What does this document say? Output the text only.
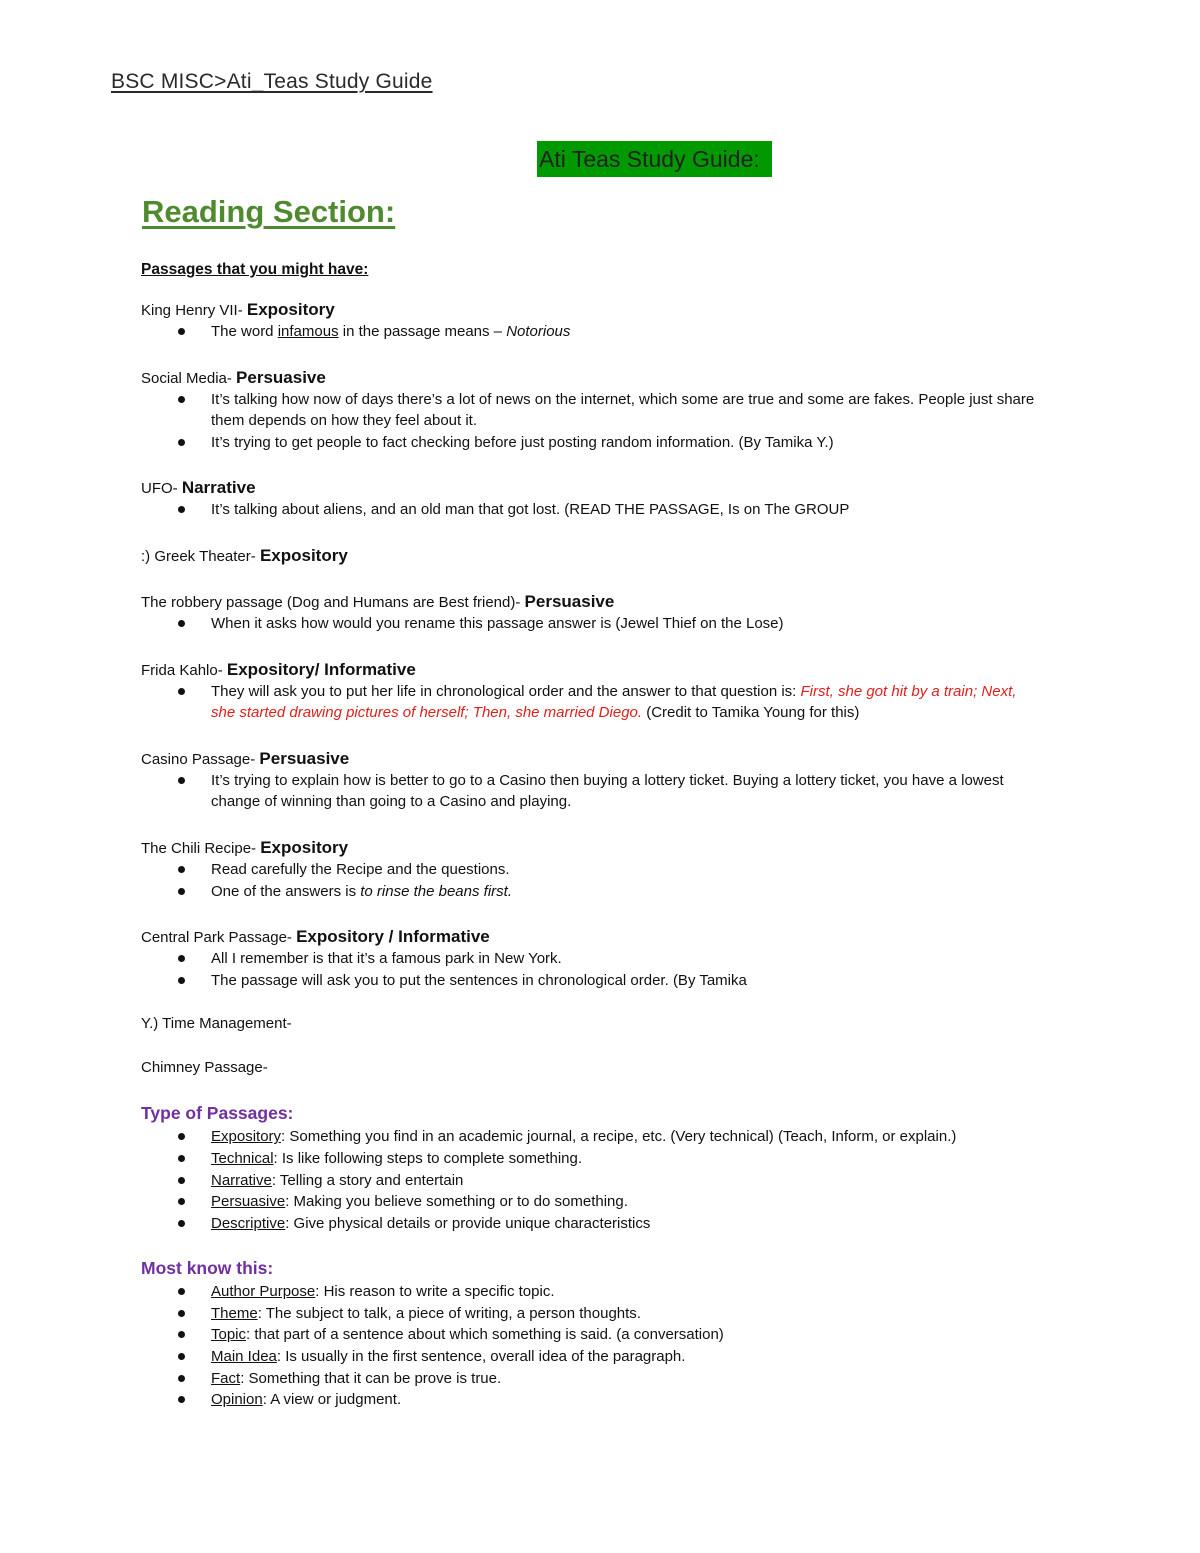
BSC MISC>Ati_Teas Study Guide
Ati Teas Study Guide:
Reading Section:
Passages that you might have:
King Henry VII- Expository
The word infamous in the passage means – Notorious
Social Media- Persuasive
It’s talking how now of days there’s a lot of news on the internet, which some are true and some are fakes. People just share them depends on how they feel about it.
It’s trying to get people to fact checking before just posting random information. (By Tamika Y.)
UFO- Narrative
It’s talking about aliens, and an old man that got lost. (READ THE PASSAGE, Is on The GROUP
:) Greek Theater- Expository
The robbery passage (Dog and Humans are Best friend)- Persuasive
When it asks how would you rename this passage answer is (Jewel Thief on the Lose)
Frida Kahlo- Expository/ Informative
They will ask you to put her life in chronological order and the answer to that question is: First, she got hit by a train; Next, she started drawing pictures of herself; Then, she married Diego. (Credit to Tamika Young for this)
Casino Passage- Persuasive
It’s trying to explain how is better to go to a Casino then buying a lottery ticket. Buying a lottery ticket, you have a lowest change of winning than going to a Casino and playing.
The Chili Recipe- Expository
Read carefully the Recipe and the questions.
One of the answers is to rinse the beans first.
Central Park Passage- Expository / Informative
All I remember is that it’s a famous park in New York.
The passage will ask you to put the sentences in chronological order. (By Tamika
Y.) Time Management-
Chimney Passage-
Type of Passages:
Expository: Something you find in an academic journal, a recipe, etc. (Very technical) (Teach, Inform, or explain.)
Technical: Is like following steps to complete something.
Narrative: Telling a story and entertain
Persuasive: Making you believe something or to do something.
Descriptive: Give physical details or provide unique characteristics
Most know this:
Author Purpose: His reason to write a specific topic.
Theme: The subject to talk, a piece of writing, a person thoughts.
Topic: that part of a sentence about which something is said. (a conversation)
Main Idea: Is usually in the first sentence, overall idea of the paragraph.
Fact: Something that it can be prove is true.
Opinion: A view or judgment.
